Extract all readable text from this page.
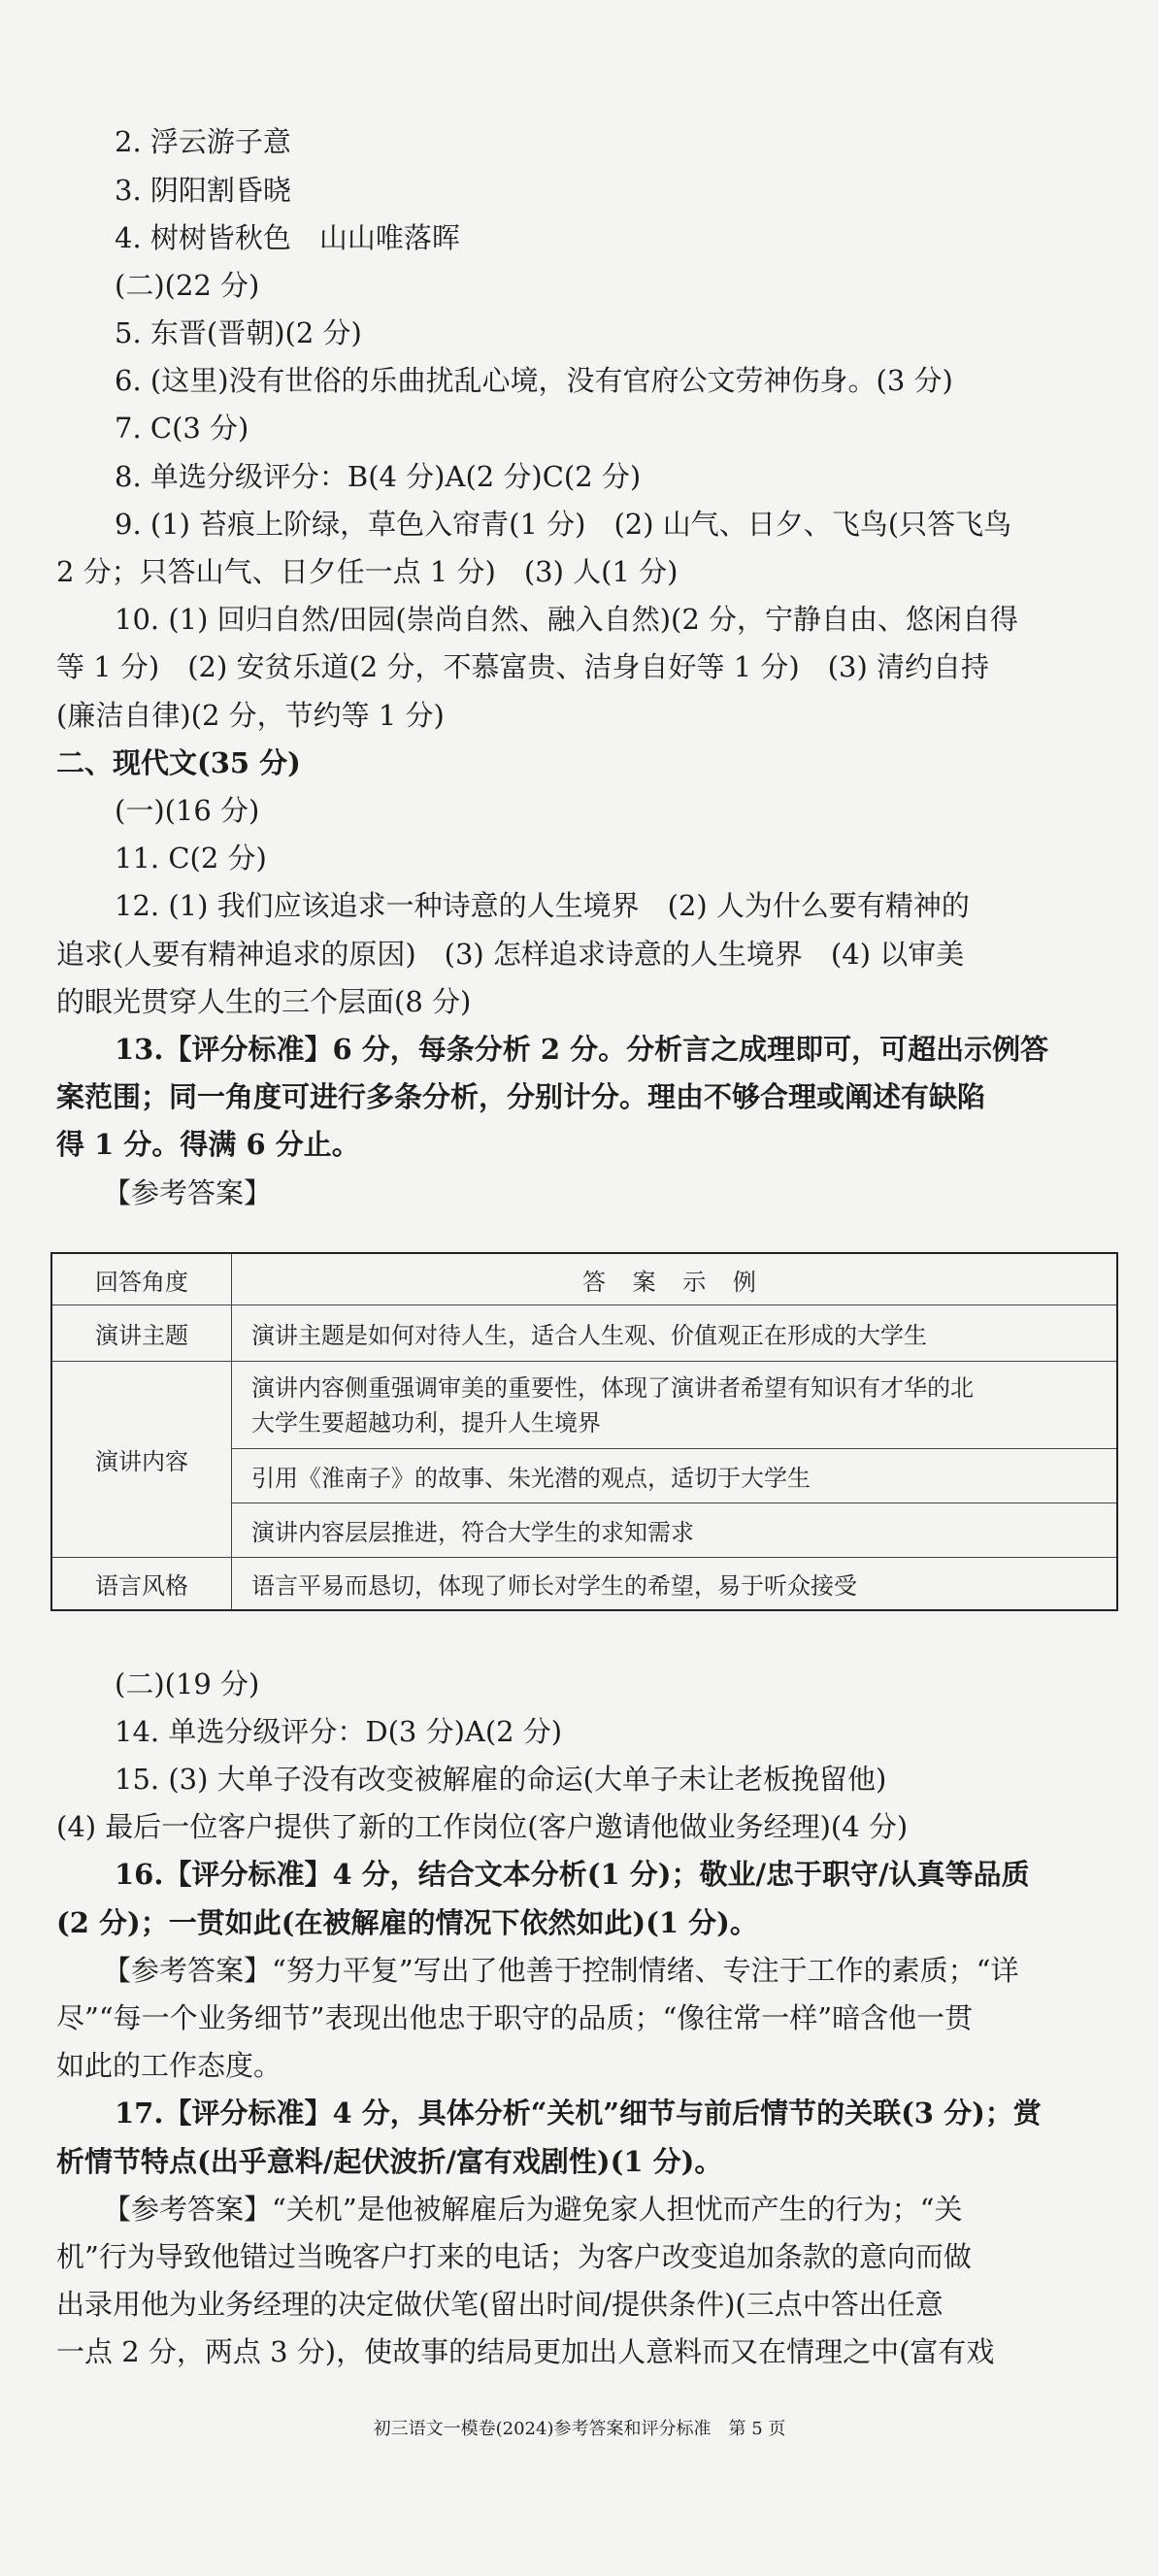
2. 浮云游子意
3. 阴阳割昏晓
4. 树树皆秋色　山山唯落晖
(二)(22 分)
5. 东晋(晋朝)(2 分)
6. (这里)没有世俗的乐曲扰乱心境，没有官府公文劳神伤身。(3 分)
7. C(3 分)
8. 单选分级评分：B(4 分)A(2 分)C(2 分)
9. (1) 苔痕上阶绿，草色入帘青(1 分)　(2) 山气、日夕、飞鸟(只答飞鸟
2 分；只答山气、日夕任一点 1 分)　(3) 人(1 分)
10. (1) 回归自然/田园(崇尚自然、融入自然)(2 分，宁静自由、悠闲自得
等 1 分)　(2) 安贫乐道(2 分，不慕富贵、洁身自好等 1 分)　(3) 清约自持
(廉洁自律)(2 分，节约等 1 分)
二、现代文(35 分)
(一)(16 分)
11. C(2 分)
12. (1) 我们应该追求一种诗意的人生境界　(2) 人为什么要有精神的
追求(人要有精神追求的原因)　(3) 怎样追求诗意的人生境界　(4) 以审美
的眼光贯穿人生的三个层面(8 分)
13.【评分标准】6 分，每条分析 2 分。分析言之成理即可，可超出示例答
案范围；同一角度可进行多条分析，分别计分。理由不够合理或阐述有缺陷
得 1 分。得满 6 分止。
【参考答案】
回答角度	答 案 示 例
演讲主题	演讲主题是如何对待人生，适合人生观、价值观正在形成的大学生
演讲内容	演讲内容侧重强调审美的重要性，体现了演讲者希望有知识有才华的北
大学生要超越功利，提升人生境界

	引用《淮南子》的故事、朱光潜的观点，适切于大学生
	演讲内容层层推进，符合大学生的求知需求
语言风格	语言平易而恳切，体现了师长对学生的希望，易于听众接受
(二)(19 分)
14. 单选分级评分：D(3 分)A(2 分)
15. (3) 大单子没有改变被解雇的命运(大单子未让老板挽留他)
(4) 最后一位客户提供了新的工作岗位(客户邀请他做业务经理)(4 分)
16.【评分标准】4 分，结合文本分析(1 分)；敬业/忠于职守/认真等品质
(2 分)；一贯如此(在被解雇的情况下依然如此)(1 分)。
【参考答案】“努力平复”写出了他善于控制情绪、专注于工作的素质；“详
尽”“每一个业务细节”表现出他忠于职守的品质；“像往常一样”暗含他一贯
如此的工作态度。
17.【评分标准】4 分，具体分析“关机”细节与前后情节的关联(3 分)；赏
析情节特点(出乎意料/起伏波折/富有戏剧性)(1 分)。
【参考答案】“关机”是他被解雇后为避免家人担忧而产生的行为；“关
机”行为导致他错过当晚客户打来的电话；为客户改变追加条款的意向而做
出录用他为业务经理的决定做伏笔(留出时间/提供条件)(三点中答出任意
一点 2 分，两点 3 分)，使故事的结局更加出人意料而又在情理之中(富有戏
初三语文一模卷(2024)参考答案和评分标准　第 5 页
